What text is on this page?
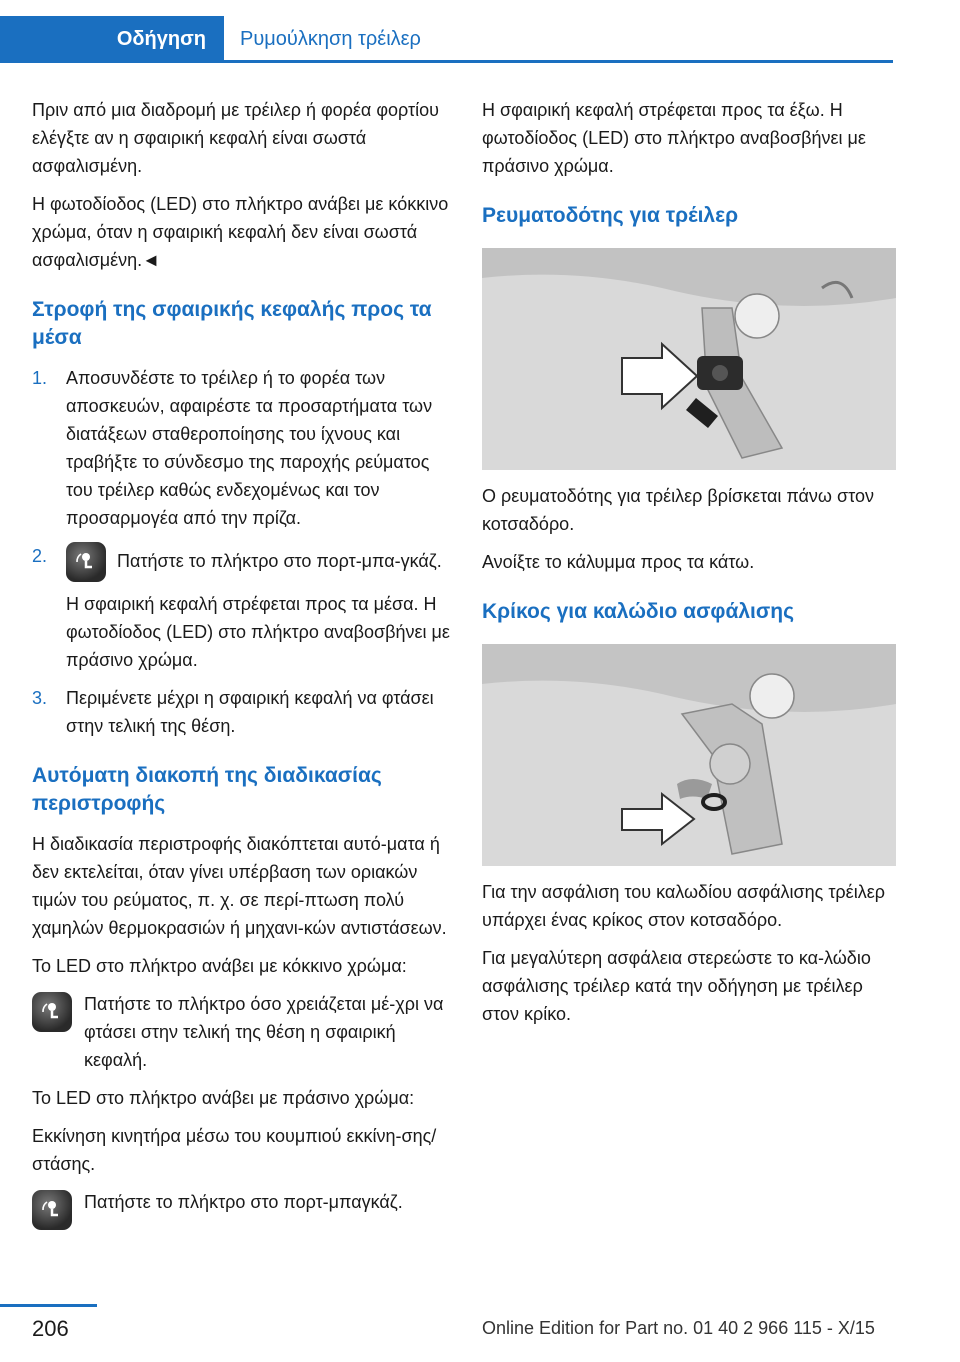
Οδήγηση	Ρυμούλκηση τρέιλερ

Πριν από μια διαδρομή με τρέιλερ ή φορέα φορτίου ελέγξτε αν η σφαιρική κεφαλή είναι σωστά ασφαλισμένη.

Η φωτοδίοδος (LED) στο πλήκτρο ανάβει με κόκκινο χρώμα, όταν η σφαιρική κεφαλή δεν είναι σωστά ασφαλισμένη.◄

Στροφή της σφαιρικής κεφαλής προς τα μέσα
1. Αποσυνδέστε το τρέιλερ ή το φορέα των αποσκευών, αφαιρέστε τα προσαρτήματα των διατάξεων σταθεροποίησης του ίχνους και τραβήξτε το σύνδεσμο της παροχής ρεύματος του τρέιλερ καθώς ενδεχομένως και τον προσαρμογέα από την πρίζα.

2.	Πατήστε το πλήκτρο στο πορτ-μπα-γκάζ.

Η σφαιρική κεφαλή στρέφεται προς τα μέσα. Η φωτοδίοδος (LED) στο πλήκτρο αναβοσβήνει με πράσινο χρώμα.

3. Περιμένετε μέχρι η σφαιρική κεφαλή να φτάσει στην τελική της θέση.

Αυτόματη διακοπή της διαδικασίας περιστροφής

Η διαδικασία περιστροφής διακόπτεται αυτό-ματα ή δεν εκτελείται, όταν γίνει υπέρβαση των οριακών τιμών του ρεύματος, π. χ. σε περί-πτωση πολύ χαμηλών θερμοκρασιών ή μηχανι-κών αντιστάσεων.

Το LED στο πλήκτρο ανάβει με κόκκινο χρώμα:

Πατήστε το πλήκτρο όσο χρειάζεται μέ-χρι να φτάσει στην τελική της θέση η σφαιρική κεφαλή.

Το LED στο πλήκτρο ανάβει με πράσινο χρώμα:

Εκκίνηση κινητήρα μέσω του κουμπιού εκκίνη-σης/στάσης.

Πατήστε το πλήκτρο στο πορτ-μπαγκάζ.

Η σφαιρική κεφαλή στρέφεται προς τα έξω. Η φωτοδίοδος (LED) στο πλήκτρο αναβοσβήνει με πράσινο χρώμα.

Ρευματοδότης για τρέιλερ

Ο ρευματοδότης για τρέιλερ βρίσκεται πάνω στον κοτσαδόρο.

Ανοίξτε το κάλυμμα προς τα κάτω.

Κρίκος για καλώδιο ασφάλισης

Για την ασφάλιση του καλωδίου ασφάλισης τρέιλερ υπάρχει ένας κρίκος στον κοτσαδόρο.

Για μεγαλύτερη ασφάλεια στερεώστε το κα-λώδιο ασφάλισης τρέιλερ κατά την οδήγηση με τρέιλερ στον κρίκο.

206	Online Edition for Part no. 01 40 2 966 115 - X/15
